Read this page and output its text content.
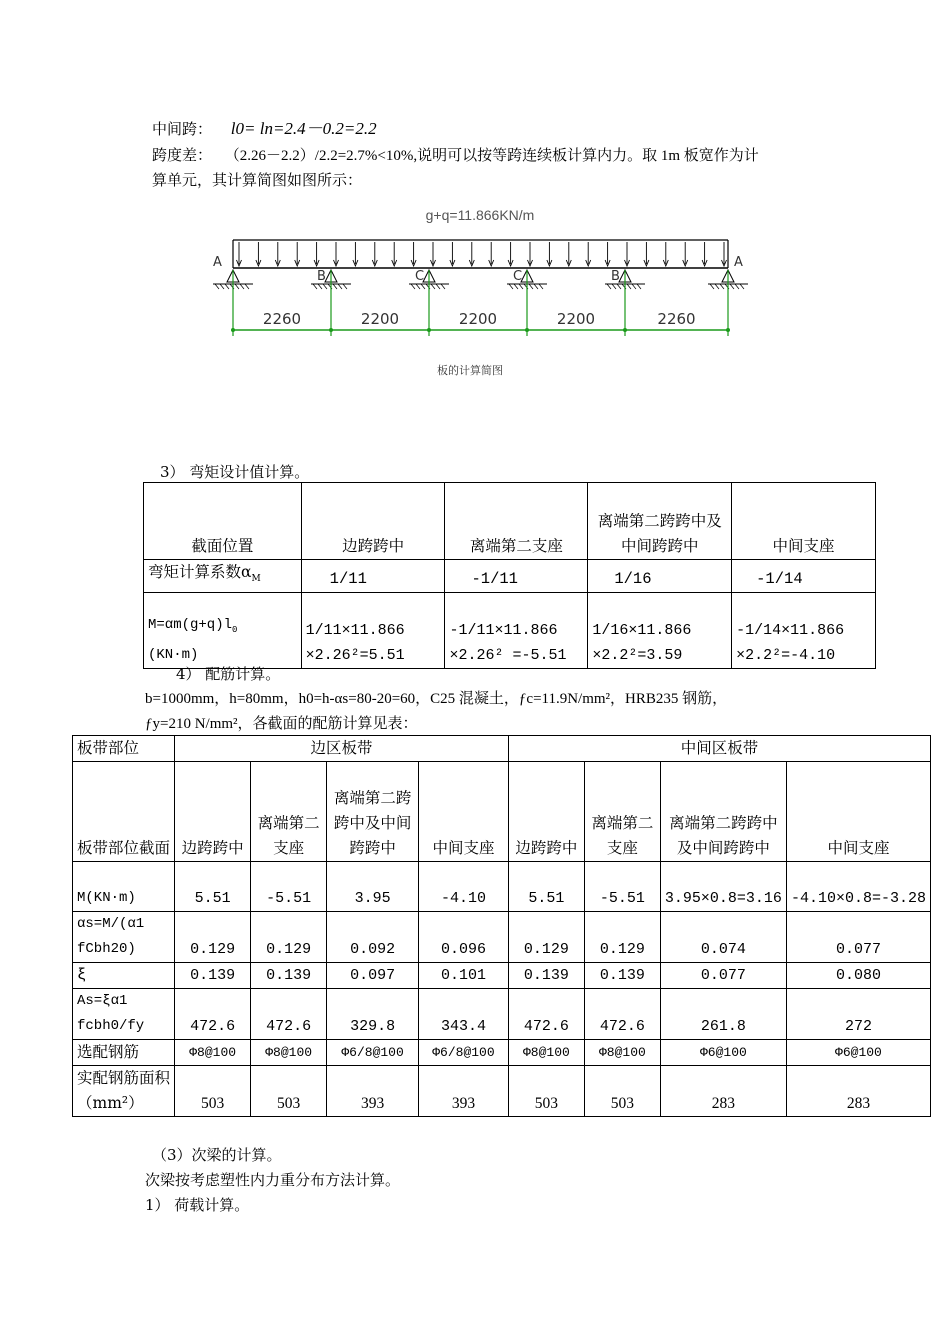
中间跨： l0= ln=2.4－0.2=2.2
跨度差： （2.26－2.2）/2.2=2.7%<10%,说明可以按等跨连续板计算内力。取 1m 板宽作为计
算单元，其计算简图如图所示：
g+q=11.866KN/m
A
B	C	C	B
A
2260	2200	2200	2200	2260
板的计算简图
3） 弯矩设计值计算。
截面位置	边跨跨中	离端第二支座	离端第二跨跨中及中间跨跨中	中间支座
弯矩计算系数$\alpha_M$	1/11	-1/11	1/16	-1/14
$M=\alpha m(g+q)l_0$
(KN·m)	1/11×11.866 ×2.26²=5.51	-1/11×11.866 ×2.26² =-5.51	1/16×11.866 ×2.2²=3.59	-1/14×11.866 ×2.2²=-4.10
4） 配筋计算。
b=1000mm，h=80mm，h0=h-αs=80-20=60，C25 混凝土，ƒc=11.9N/mm²，HRB235 钢筋，
ƒy=210 N/mm²，各截面的配筋计算见表：
板带部位	边区板带				中间区板带			
板带部位截面	边跨跨中	离端第二支座	离端第二跨跨中及中间跨跨中	中间支座	边跨跨中	离端第二支座	离端第二跨跨中及中间跨跨中	中间支座
M(KN·m)	5.51	-5.51	3.95	-4.10	5.51	-5.51	3.95×0.8=3.16	-4.10×0.8=-3.28
αs=M/(α1 fCbh20)	0.129	0.129	0.092	0.096	0.129	0.129	0.074	0.077
ξ	0.139	0.139	0.097	0.101	0.139	0.139	0.077	0.080
As=ξα1 fcbh0/fy	472.6	472.6	329.8	343.4	472.6	472.6	261.8	272
选配钢筋	Φ8@100	Φ8@100	Φ6/8@100	Φ6/8@100	Φ8@100	Φ8@100	Φ6@100	Φ6@100
实配钢筋面积（mm²）	503	503	393	393	503	503	283	283
（3）次梁的计算。
次梁按考虑塑性内力重分布方法计算。
1） 荷载计算。
